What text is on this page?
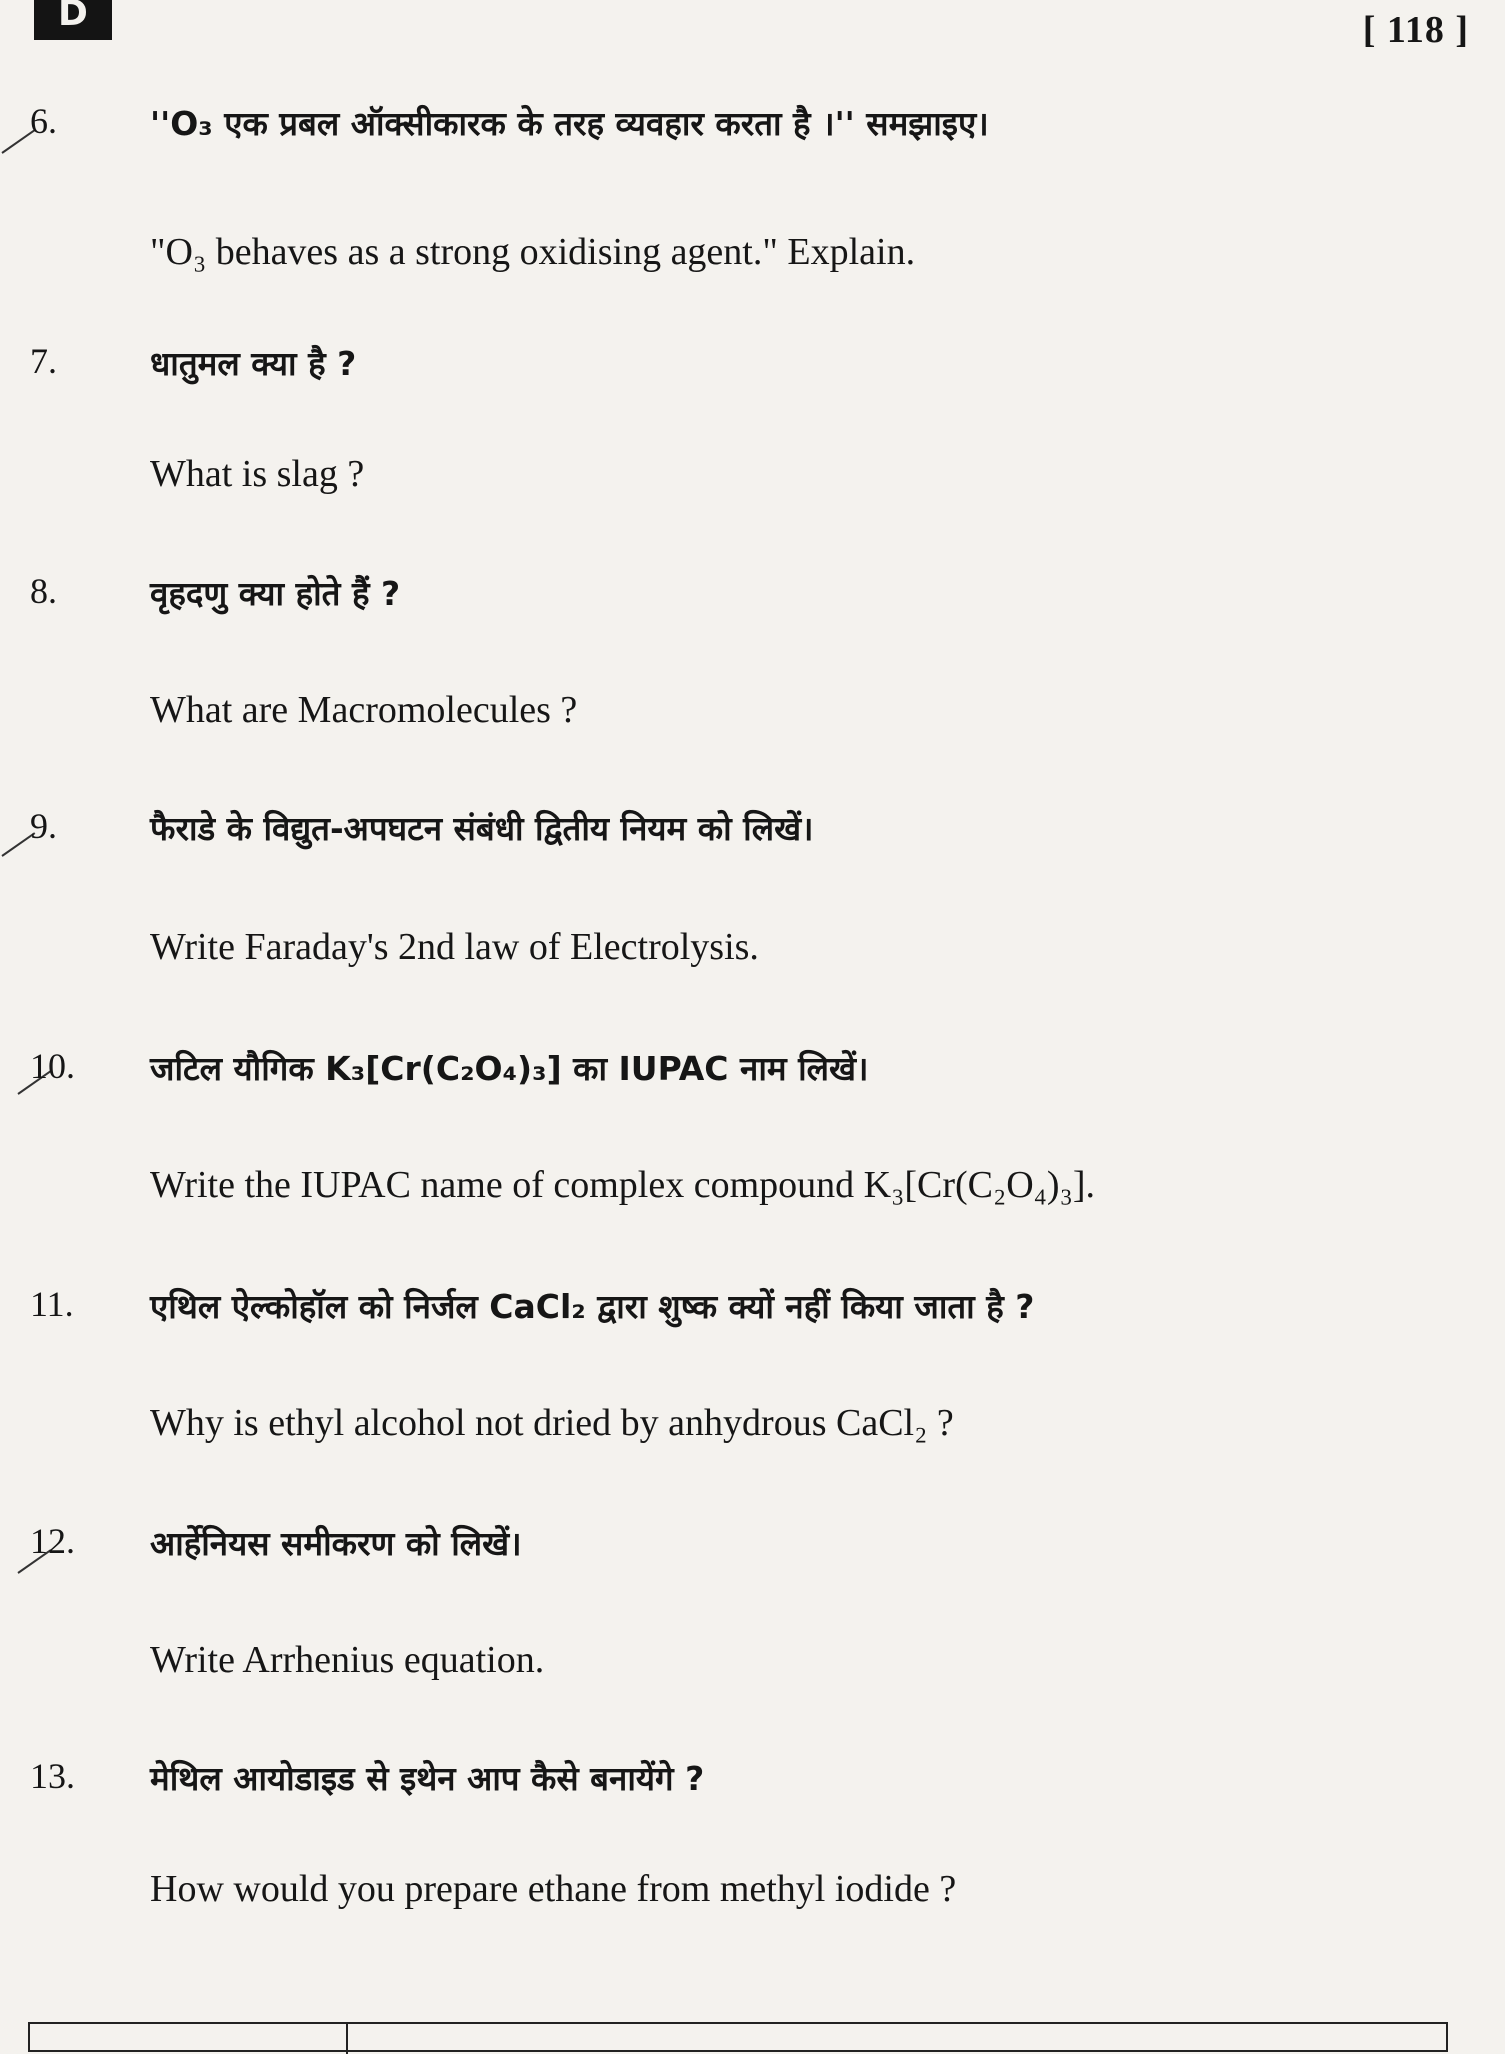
D	[ 118 ]
6.	''O₃ एक प्रबल ऑक्सीकारक के तरह व्यवहार करता है ।'' समझाइए।
"O₃ behaves as a strong oxidising agent." Explain.
7.	धातुमल क्या है ?
What is slag ?
8.	वृहदणु क्या होते हैं ?
What are Macromolecules ?
9.	फैराडे के विद्युत-अपघटन संबंधी द्वितीय नियम को लिखें।
Write Faraday's 2nd law of Electrolysis.
10. जटिल यौगिक K₃[Cr(C₂O₄)₃] का IUPAC नाम लिखें।
Write the IUPAC name of complex compound K₃[Cr(C₂O₄)₃].
11. एथिल ऐल्कोहॉल को निर्जल CaCl₂ द्वारा शुष्क क्यों नहीं किया जाता है ?
Why is ethyl alcohol not dried by anhydrous CaCl₂ ?
12. आर्हेनियस समीकरण को लिखें।
Write Arrhenius equation.
13. मेथिल आयोडाइड से इथेन आप कैसे बनायेंगे ?
How would you prepare ethane from methyl iodide ?
